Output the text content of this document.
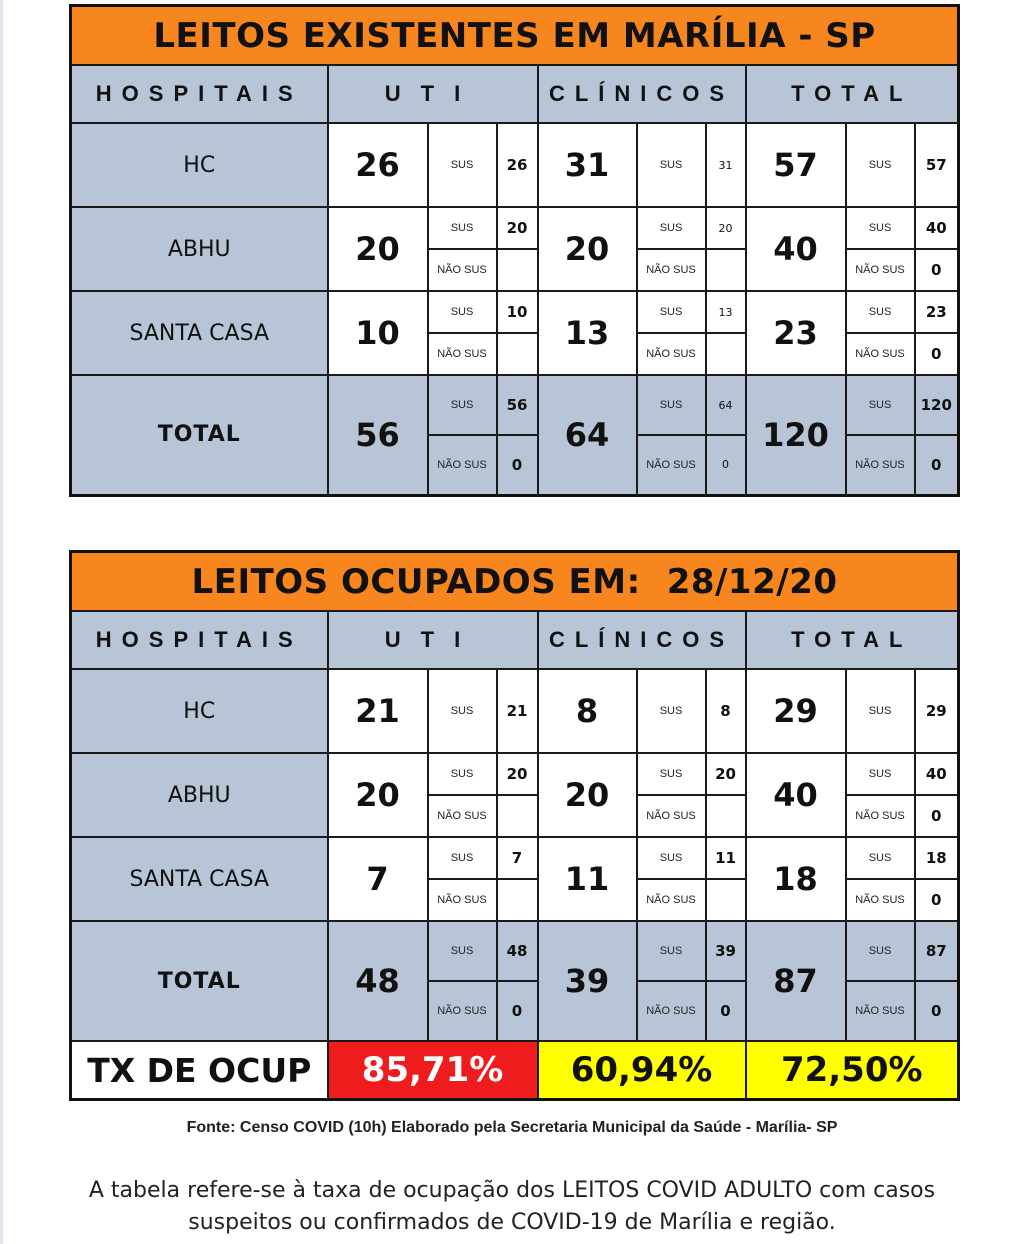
LEITOS EXISTENTES EM MARÍLIA - SP									
HOSPITAIS	UTI			CLÍNICOS			TOTAL		
HC	26	SUS	26	31	SUS	31	57	SUS	57
ABHU	20	SUS	20	20	SUS	20	40	SUS	40
		NÃO SUS			NÃO SUS			NÃO SUS	0
SANTA CASA	10	SUS	10	13	SUS	13	23	SUS	23
		NÃO SUS			NÃO SUS			NÃO SUS	0
TOTAL	56	SUS	56	64	SUS	64	120	SUS	120
		NÃO SUS	0		NÃO SUS	0		NÃO SUS	0
LEITOS OCUPADOS EM: 28/12/20									
HOSPITAIS	UTI			CLÍNICOS			TOTAL		
HC	21	SUS	21	8	SUS	8	29	SUS	29
ABHU	20	SUS	20	20	SUS	20	40	SUS	40
		NÃO SUS			NÃO SUS			NÃO SUS	0
SANTA CASA	7	SUS	7	11	SUS	11	18	SUS	18
		NÃO SUS			NÃO SUS			NÃO SUS	0
TOTAL	48	SUS	48	39	SUS	39	87	SUS	87
		NÃO SUS	0		NÃO SUS	0		NÃO SUS	0
TX DE OCUP	85,71%			60,94%			72,50%		
Fonte: Censo COVID (10h) Elaborado pela Secretaria Municipal da Saúde - Marília- SP
A tabela refere-se à taxa de ocupação dos LEITOS COVID ADULTO com casos suspeitos ou confirmados de COVID-19 de Marília e região.
